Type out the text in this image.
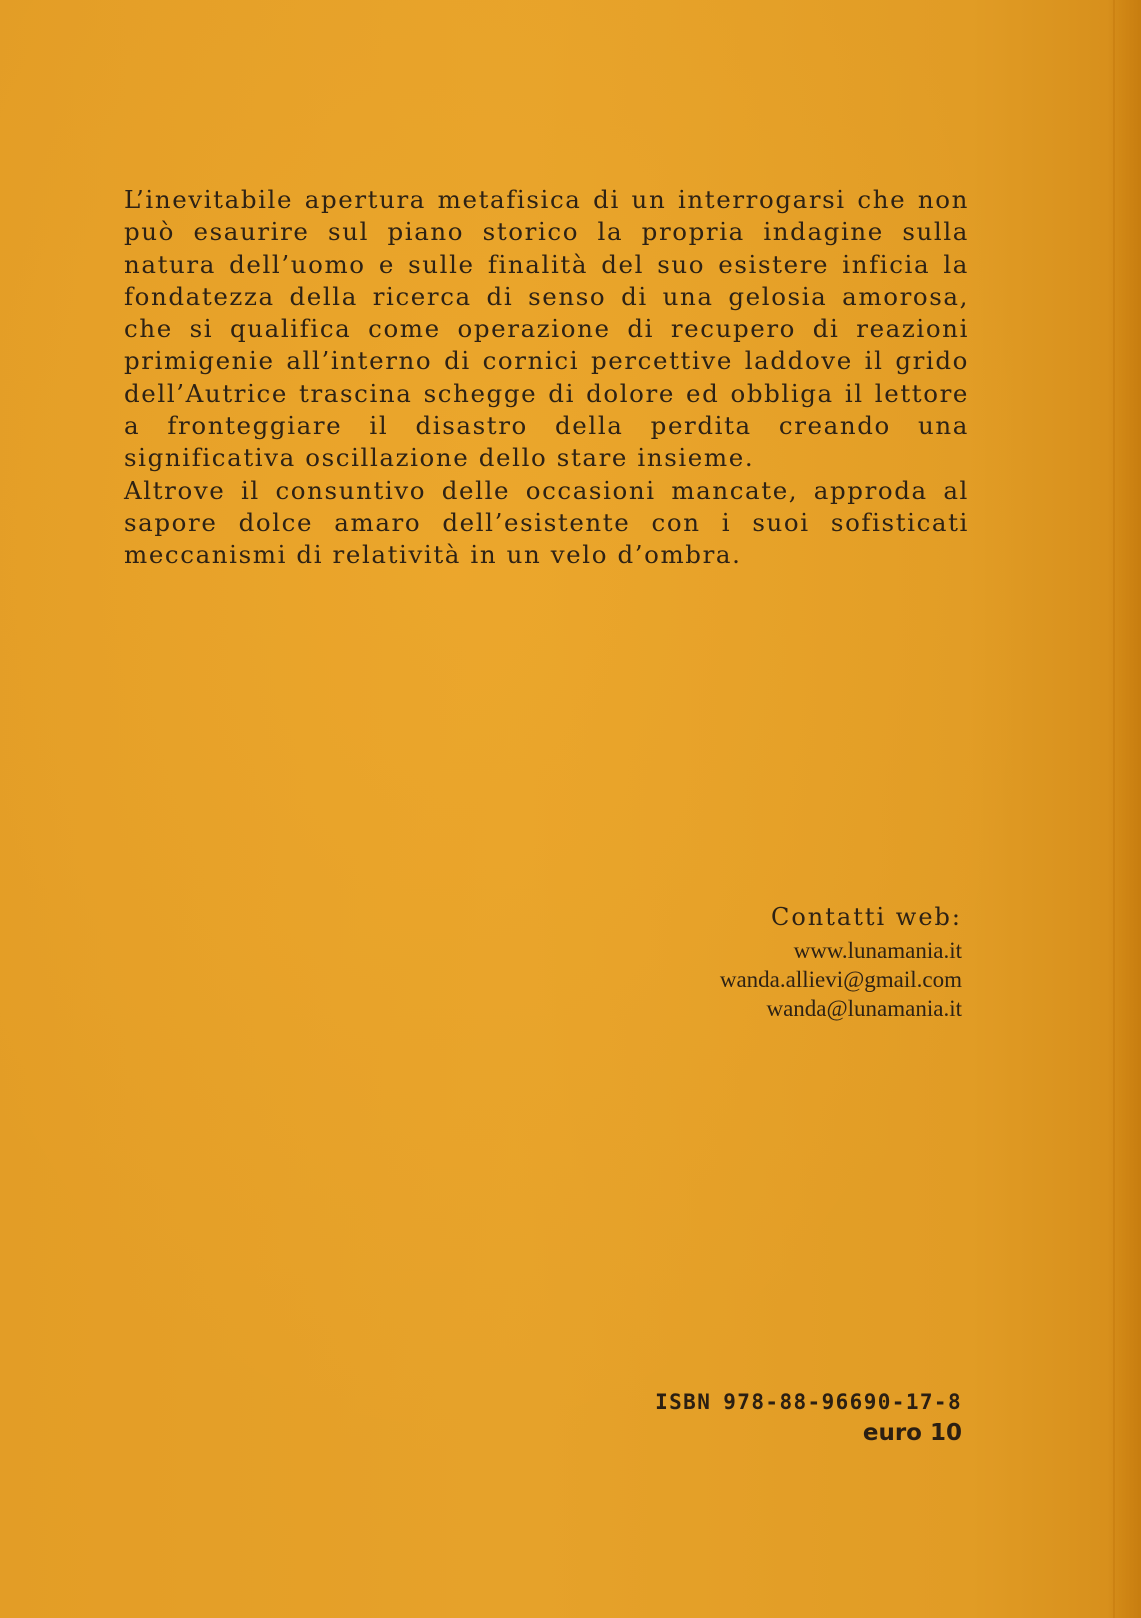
L’inevitabile apertura metafisica di un interrogarsi che non può esaurire sul piano storico la propria indagine sulla natura dell’uomo e sulle finalità del suo esistere inficia la fondatezza della ricerca di senso di una gelosia amorosa, che si qualifica come operazione di recupero di reazioni primigenie all’interno di cornici percettive laddove il grido dell’Autrice trascina schegge di dolore ed obbliga il lettore a fronteggiare il disastro della perdita creando una significativa oscillazione dello stare insieme.

Altrove il consuntivo delle occasioni mancate, approda al sapore dolce amaro dell’esistente con i suoi sofisticati meccanismi di relatività in un velo d’ombra.

Contatti web:
www.lunamania.it
wanda.allievi@gmail.com
wanda@lunamania.it
ISBN 978-88-96690-17-8
euro 10
